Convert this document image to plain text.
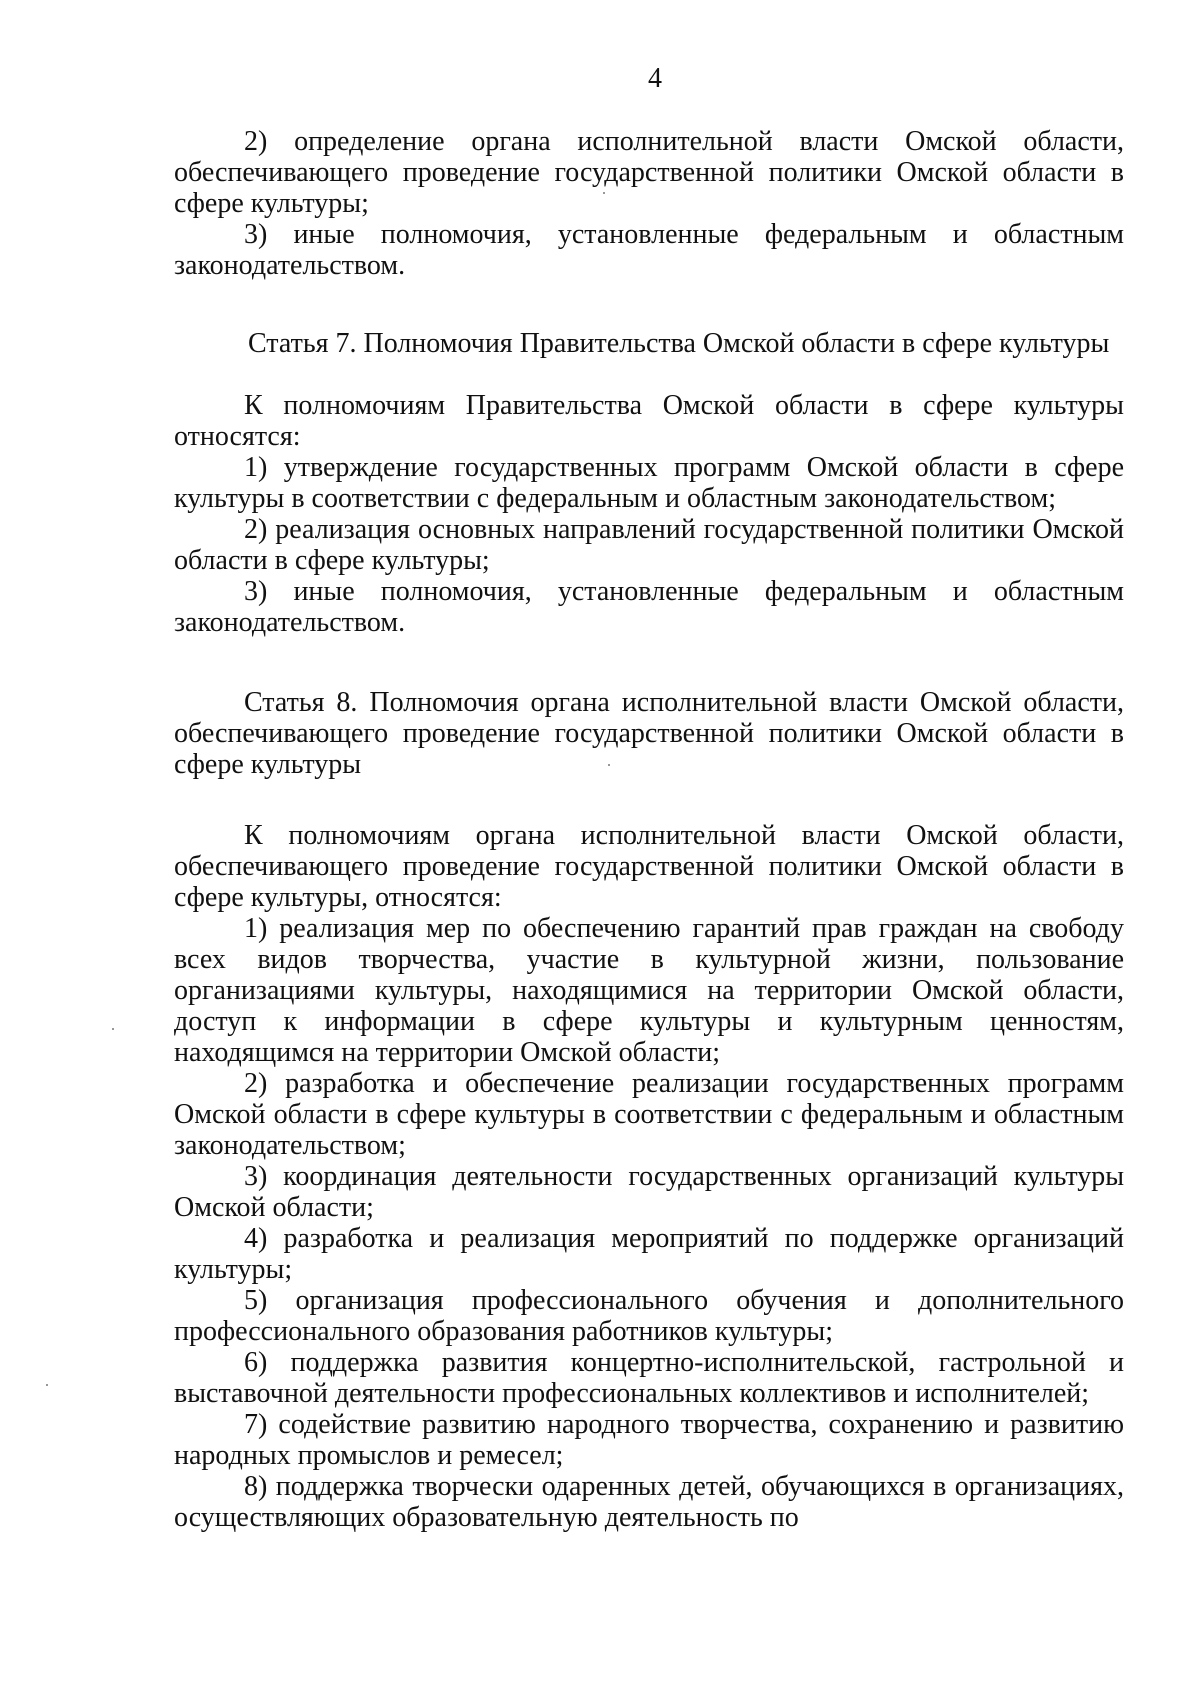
4

2) определение органа исполнительной власти Омской области, обеспечивающего проведение государственной политики Омской области в сфере культуры;

3) иные полномочия, установленные федеральным и областным законодательством.

Статья 7. Полномочия Правительства Омской области в сфере культуры

К полномочиям Правительства Омской области в сфере культуры относятся:

1) утверждение государственных программ Омской области в сфере культуры в соответствии с федеральным и областным законодательством;

2) реализация основных направлений государственной политики Омской области в сфере культуры;

3) иные полномочия, установленные федеральным и областным законодательством.

Статья 8. Полномочия органа исполнительной власти Омской области, обеспечивающего проведение государственной политики Омской области в сфере культуры

К полномочиям органа исполнительной власти Омской области, обеспечивающего проведение государственной политики Омской области в сфере культуры, относятся:

1) реализация мер по обеспечению гарантий прав граждан на свободу всех видов творчества, участие в культурной жизни, пользование организациями культуры, находящимися на территории Омской области, доступ к информации в сфере культуры и культурным ценностям, находящимся на территории Омской области;

2) разработка и обеспечение реализации государственных программ Омской области в сфере культуры в соответствии с федеральным и областным законодательством;

3) координация деятельности государственных организаций культуры Омской области;

4) разработка и реализация мероприятий по поддержке организаций культуры;

5) организация профессионального обучения и дополнительного профессионального образования работников культуры;

6) поддержка развития концертно-исполнительской, гастрольной и выставочной деятельности профессиональных коллективов и исполнителей;

7) содействие развитию народного творчества, сохранению и развитию народных промыслов и ремесел;

8) поддержка творчески одаренных детей, обучающихся в организациях, осуществляющих образовательную деятельность по
